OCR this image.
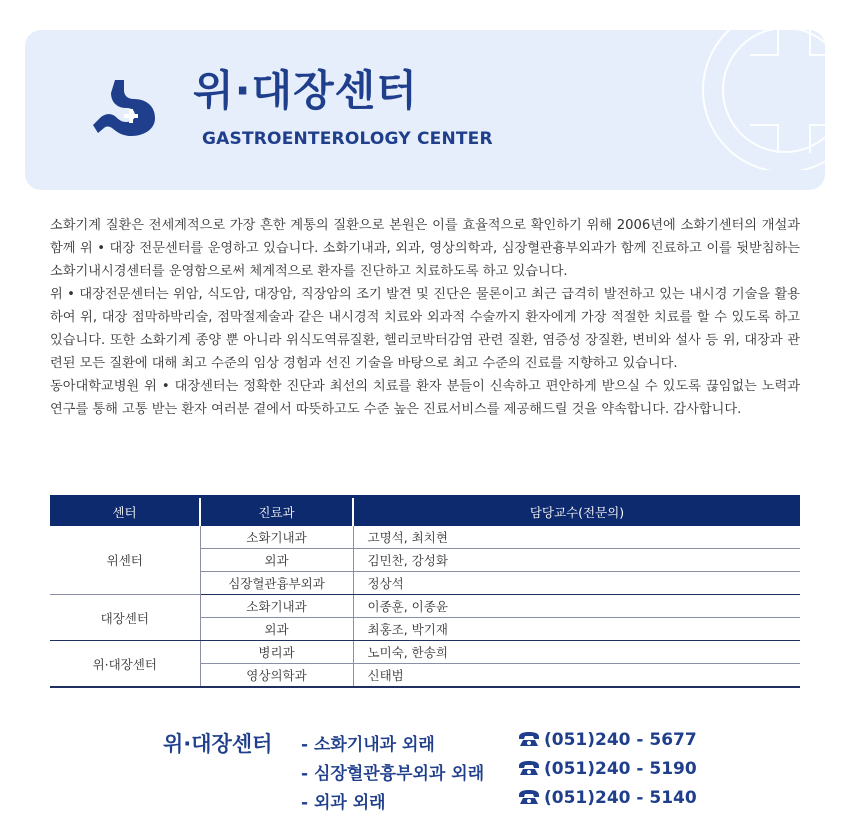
위·대장센터
GASTROENTEROLOGY CENTER

소화기계 질환은 전세계적으로 가장 흔한 계통의 질환으로 본원은 이를 효율적으로 확인하기 위해 2006년에 소화기센터의 개설과 함께 위 • 대장 전문센터를 운영하고 있습니다. 소화기내과, 외과, 영상의학과, 심장혈관흉부외과가 함께 진료하고 이를 뒷받침하는 소화기내시경센터를 운영함으로써 체계적으로 환자를 진단하고 치료하도록 하고 있습니다.

위 • 대장전문센터는 위암, 식도암, 대장암, 직장암의 조기 발견 및 진단은 물론이고 최근 급격히 발전하고 있는 내시경 기술을 활용하여 위, 대장 점막하박리술, 점막절제술과 같은 내시경적 치료와 외과적 수술까지 환자에게 가장 적절한 치료를 할 수 있도록 하고 있습니다. 또한 소화기계 종양 뿐 아니라 위식도역류질환, 헬리코박터감염 관련 질환, 염증성 장질환, 변비와 설사 등 위, 대장과 관련된 모든 질환에 대해 최고 수준의 임상 경험과 선진 기술을 바탕으로 최고 수준의 진료를 지향하고 있습니다.

동아대학교병원 위 • 대장센터는 정확한 진단과 최선의 치료를 환자 분들이 신속하고 편안하게 받으실 수 있도록 끊임없는 노력과 연구를 통해 고통 받는 환자 여러분 곁에서 따뜻하고도 수준 높은 진료서비스를 제공해드릴 것을 약속합니다. 감사합니다.

센터	진료과	담당교수(전문의)
위센터	소화기내과	고명석, 최치현
	외과	김민찬, 강성화
	심장혈관흉부외과	정상석
대장센터	소화기내과	이종훈, 이종윤
	외과	최홍조, 박기재
위·대장센터	병리과	노미숙, 한송희
	영상의학과	신태범
위·대장센터 - 소화기내과 외래	(051)240 - 5677
- 심장혈관흉부외과 외래	(051)240 - 5190
- 외과 외래	(051)240 - 5140
